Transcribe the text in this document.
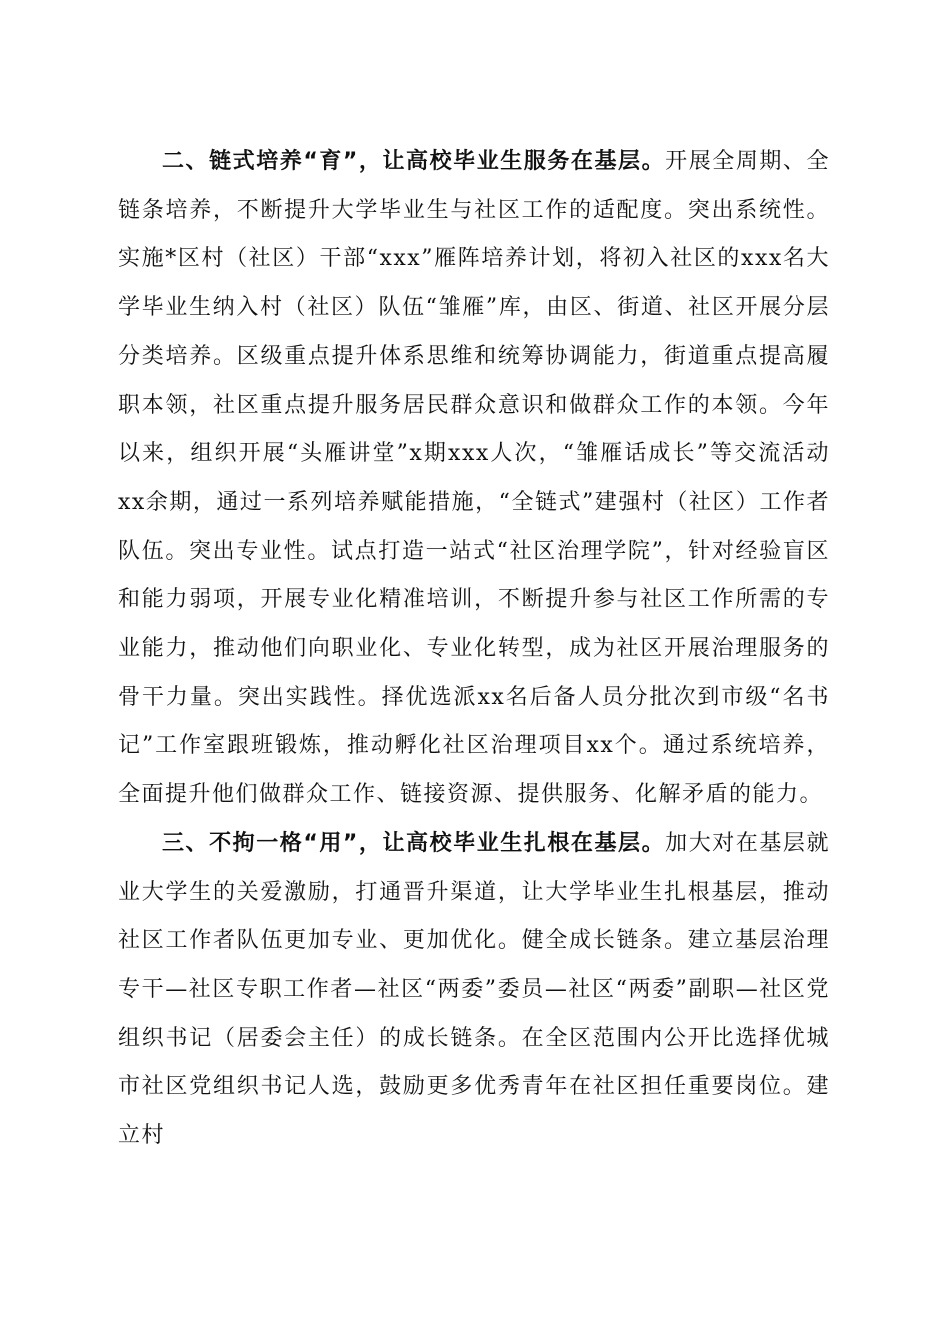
二、链式培养“育”，让高校毕业生服务在基层。开展全周期、全链条培养，不断提升大学毕业生与社区工作的适配度。突出系统性。实施*区村（社区）干部“xxx”雁阵培养计划，将初入社区的xxx名大学毕业生纳入村（社区）队伍“雏雁”库，由区、街道、社区开展分层分类培养。区级重点提升体系思维和统筹协调能力，街道重点提高履职本领，社区重点提升服务居民群众意识和做群众工作的本领。今年以来，组织开展“头雁讲堂”x期xxx人次，“雏雁话成长”等交流活动xx余期，通过一系列培养赋能措施，“全链式”建强村（社区）工作者队伍。突出专业性。试点打造一站式“社区治理学院”，针对经验盲区和能力弱项，开展专业化精准培训，不断提升参与社区工作所需的专业能力，推动他们向职业化、专业化转型，成为社区开展治理服务的骨干力量。突出实践性。择优选派xx名后备人员分批次到市级“名书记”工作室跟班锻炼，推动孵化社区治理项目xx个。通过系统培养，全面提升他们做群众工作、链接资源、提供服务、化解矛盾的能力。

三、不拘一格“用”，让高校毕业生扎根在基层。加大对在基层就业大学生的关爱激励，打通晋升渠道，让大学毕业生扎根基层，推动社区工作者队伍更加专业、更加优化。健全成长链条。建立基层治理专干—社区专职工作者—社区“两委”委员—社区“两委”副职—社区党组织书记（居委会主任）的成长链条。在全区范围内公开比选择优城市社区党组织书记人选，鼓励更多优秀青年在社区担任重要岗位。建立村
